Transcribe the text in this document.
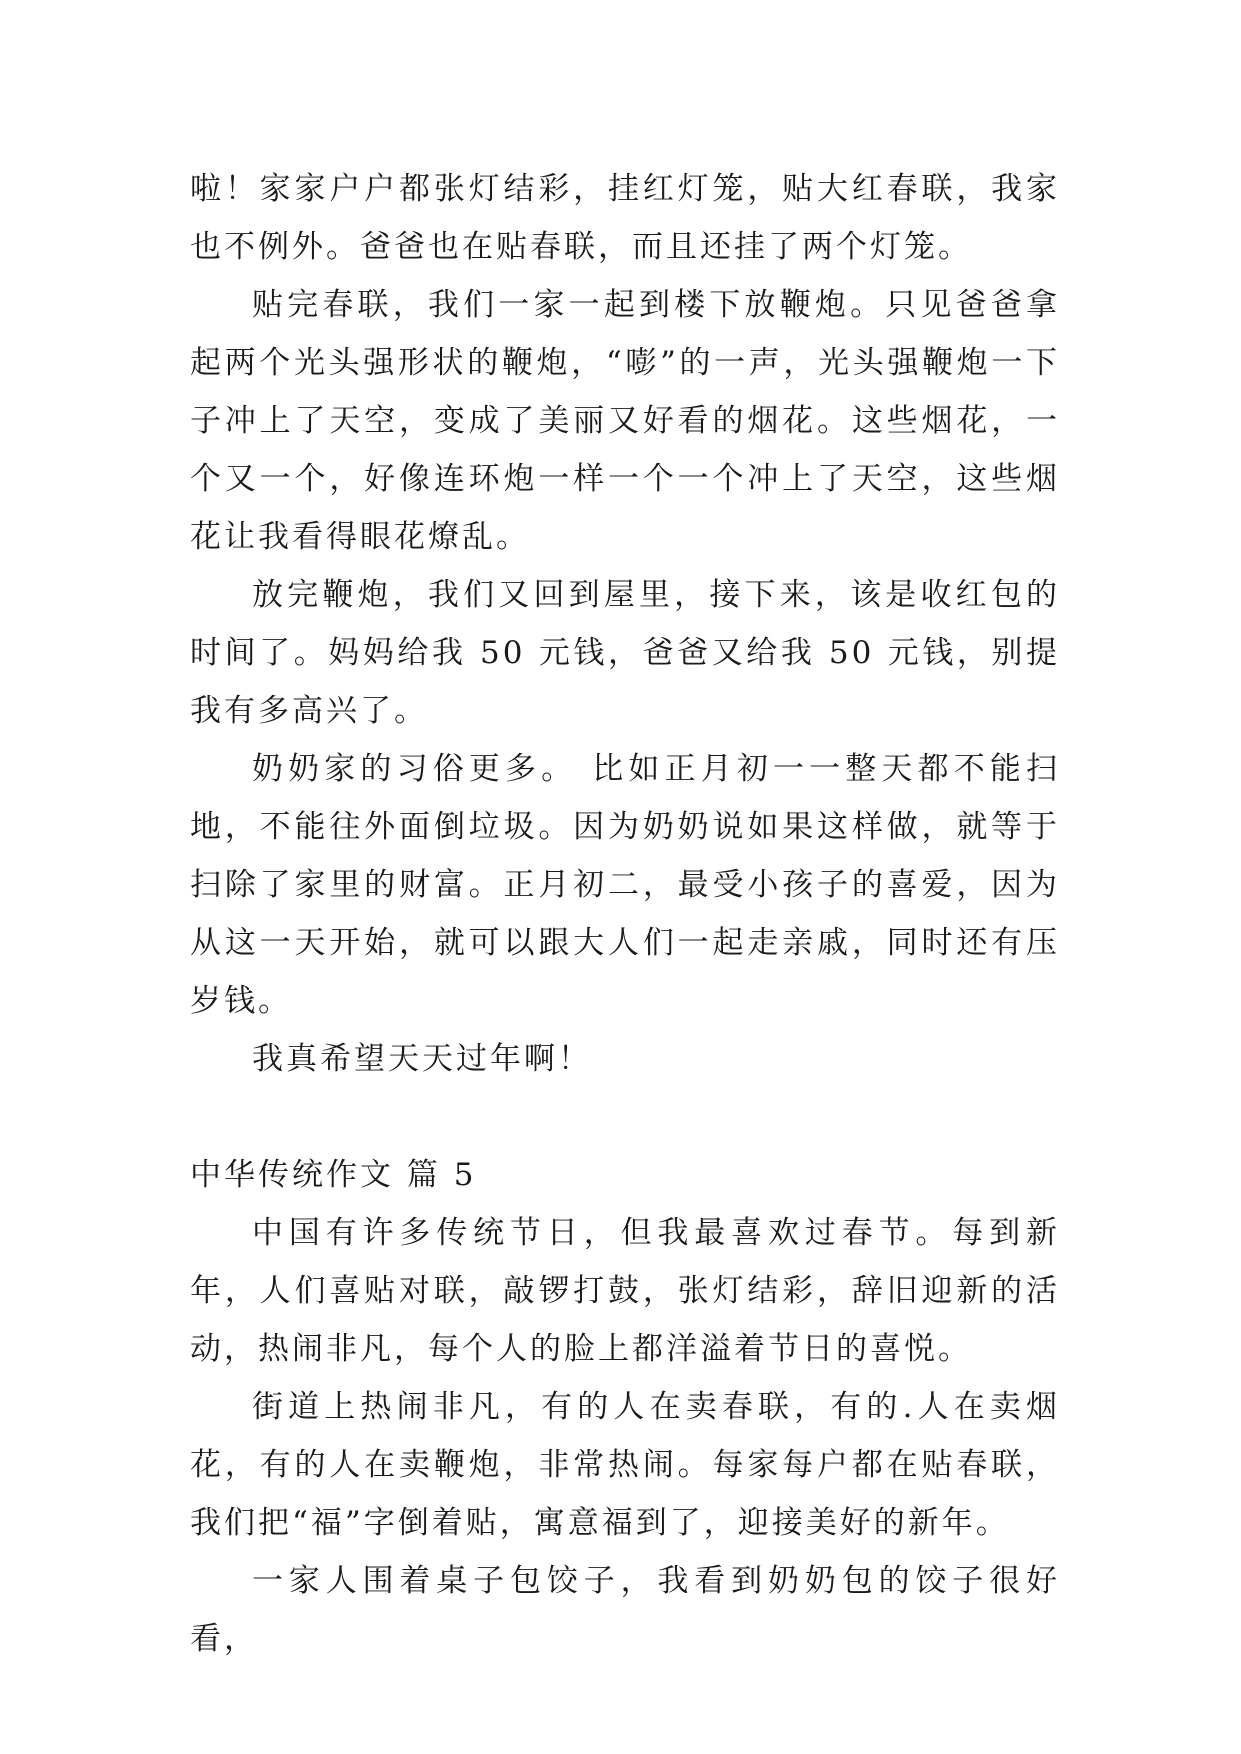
啦！家家户户都张灯结彩，挂红灯笼，贴大红春联，我家也不例外。爸爸也在贴春联，而且还挂了两个灯笼。

贴完春联，我们一家一起到楼下放鞭炮。只见爸爸拿起两个光头强形状的鞭炮，“嘭”的一声，光头强鞭炮一下子冲上了天空，变成了美丽又好看的烟花。这些烟花，一个又一个，好像连环炮一样一个一个冲上了天空，这些烟花让我看得眼花燎乱。

放完鞭炮，我们又回到屋里，接下来，该是收红包的时间了。妈妈给我 50 元钱，爸爸又给我 50 元钱，别提我有多高兴了。

奶奶家的习俗更多。 比如正月初一一整天都不能扫地，不能往外面倒垃圾。因为奶奶说如果这样做，就等于扫除了家里的财富。正月初二，最受小孩子的喜爱，因为从这一天开始，就可以跟大人们一起走亲戚，同时还有压岁钱。

我真希望天天过年啊！

中华传统作文 篇 5

中国有许多传统节日，但我最喜欢过春节。每到新年，人们喜贴对联，敲锣打鼓，张灯结彩，辞旧迎新的活动，热闹非凡，每个人的脸上都洋溢着节日的喜悦。

街道上热闹非凡，有的人在卖春联，有的.人在卖烟花，有的人在卖鞭炮，非常热闹。每家每户都在贴春联，我们把“福”字倒着贴，寓意福到了，迎接美好的新年。

一家人围着桌子包饺子，我看到奶奶包的饺子很好看，
